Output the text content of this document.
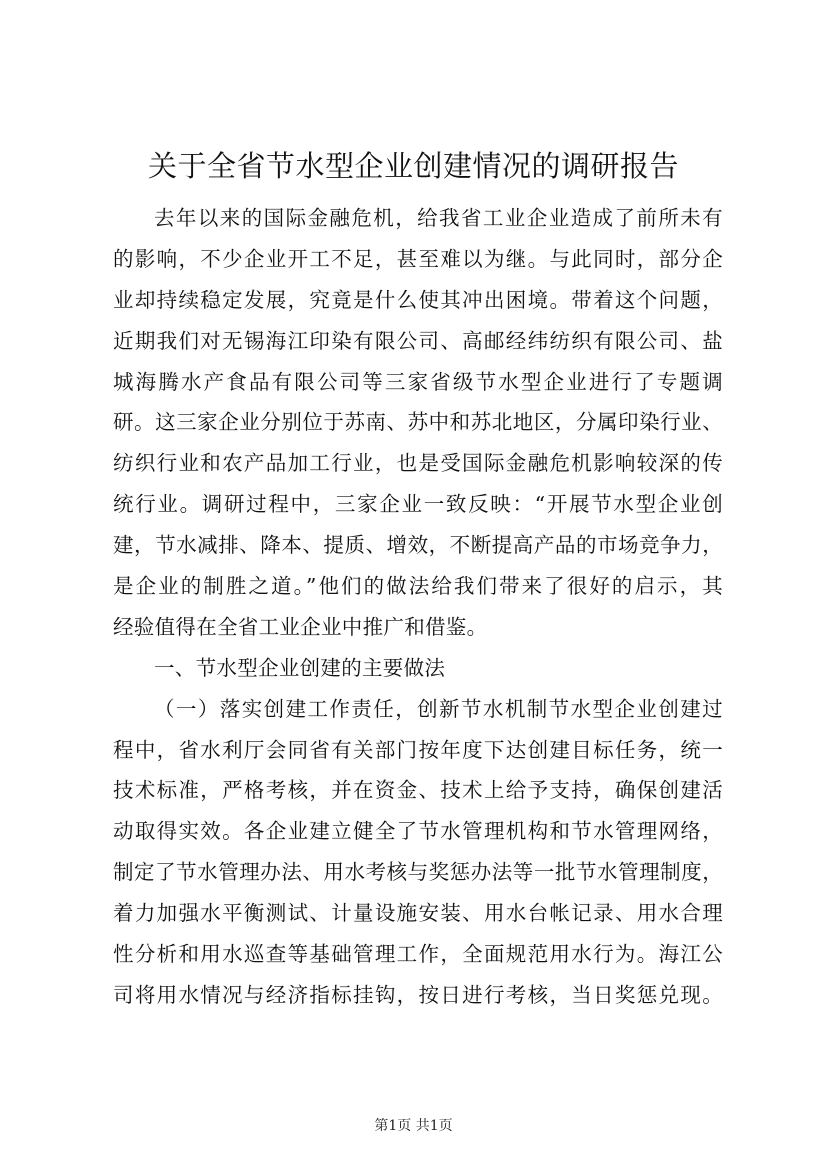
关于全省节水型企业创建情况的调研报告
去年以来的国际金融危机，给我省工业企业造成了前所未有
的影响，不少企业开工不足，甚至难以为继。与此同时，部分企
业却持续稳定发展，究竟是什么使其冲出困境。带着这个问题，
近期我们对无锡海江印染有限公司、高邮经纬纺织有限公司、盐
城海腾水产食品有限公司等三家省级节水型企业进行了专题调
研。这三家企业分别位于苏南、苏中和苏北地区，分属印染行业、
纺织行业和农产品加工行业，也是受国际金融危机影响较深的传
统行业。调研过程中，三家企业一致反映：“开展节水型企业创
建，节水减排、降本、提质、增效，不断提高产品的市场竞争力，
是企业的制胜之道。”他们的做法给我们带来了很好的启示，其
经验值得在全省工业企业中推广和借鉴。
一、节水型企业创建的主要做法
（一）落实创建工作责任，创新节水机制节水型企业创建过
程中，省水利厅会同省有关部门按年度下达创建目标任务，统一
技术标准，严格考核，并在资金、技术上给予支持，确保创建活
动取得实效。各企业建立健全了节水管理机构和节水管理网络，
制定了节水管理办法、用水考核与奖惩办法等一批节水管理制度，
着力加强水平衡测试、计量设施安装、用水台帐记录、用水合理
性分析和用水巡查等基础管理工作，全面规范用水行为。海江公
司将用水情况与经济指标挂钩，按日进行考核，当日奖惩兑现。
第1页 共1页
